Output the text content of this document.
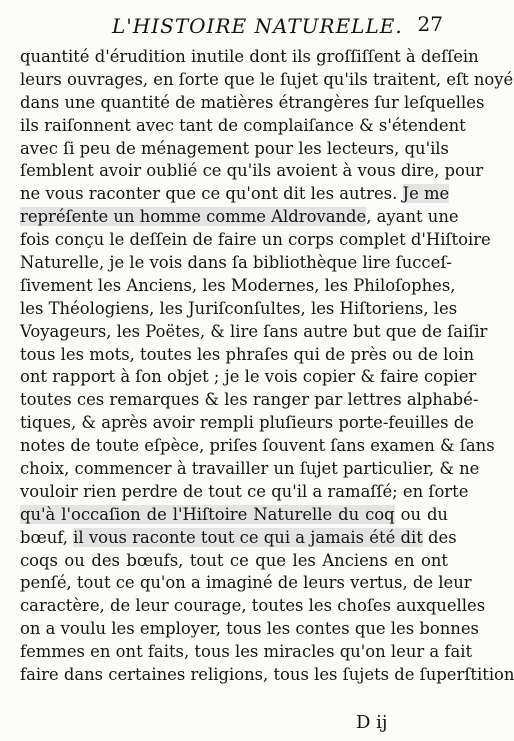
L'HISTOIRE NATURELLE. 27
quantité d'érudition inutile dont ils groſſiſſent à deſſein
leurs ouvrages, en ſorte que le ſujet qu'ils traitent, eſt noyé
dans une quantité de matières étrangères ſur leſquelles
ils raiſonnent avec tant de complaiſance & s'étendent
avec ſi peu de ménagement pour les lecteurs, qu'ils
ſemblent avoir oublié ce qu'ils avoient à vous dire, pour
ne vous raconter que ce qu'ont dit les autres. Je me
repréſente un homme comme Aldrovande, ayant une
fois conçu le deſſein de faire un corps complet d'Hiſtoire
Naturelle, je le vois dans ſa bibliothèque lire ſucceſ-
ſivement les Anciens, les Modernes, les Philoſophes,
les Théologiens, les Juriſconſultes, les Hiſtoriens, les
Voyageurs, les Poëtes, & lire ſans autre but que de ſaiſir
tous les mots, toutes les phraſes qui de près ou de loin
ont rapport à ſon objet ; je le vois copier & faire copier
toutes ces remarques & les ranger par lettres alphabé-
tiques, & après avoir rempli pluſieurs porte-feuilles de
notes de toute eſpèce, priſes ſouvent ſans examen & ſans
choix, commencer à travailler un ſujet particulier, & ne
vouloir rien perdre de tout ce qu'il a ramaſſé; en ſorte
qu'à l'occaſion de l'Hiſtoire Naturelle du coq ou du
bœuf, il vous raconte tout ce qui a jamais été dit des
coqs ou des bœufs, tout ce que les Anciens en ont
penſé, tout ce qu'on a imaginé de leurs vertus, de leur
caractère, de leur courage, toutes les choſes auxquelles
on a voulu les employer, tous les contes que les bonnes
femmes en ont faits, tous les miracles qu'on leur a fait
faire dans certaines religions, tous les ſujets de ſuperſtition
D ij
